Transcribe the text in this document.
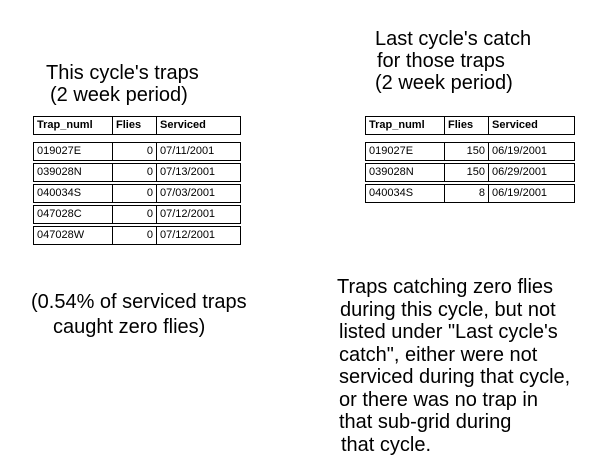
This cycle's traps
(2 week period)
Last cycle's catch
for those traps
(2 week period)
Trap_numl	Flies	Serviced
019027E	0 07/11/2001
039028N	0 07/13/2001
040034S	0 07/03/2001
047028C	0 07/12/2001
047028W	0 07/12/2001
Trap_numl	Flies	Serviced
019027E	150 06/19/2001
039028N	150 06/29/2001
040034S	8 06/19/2001
(0.54% of serviced traps
caught zero flies)
Traps catching zero flies
during this cycle, but not
listed under "Last cycle's
catch", either were not
serviced during that cycle,
or there was no trap in
that sub-grid during
that cycle.
